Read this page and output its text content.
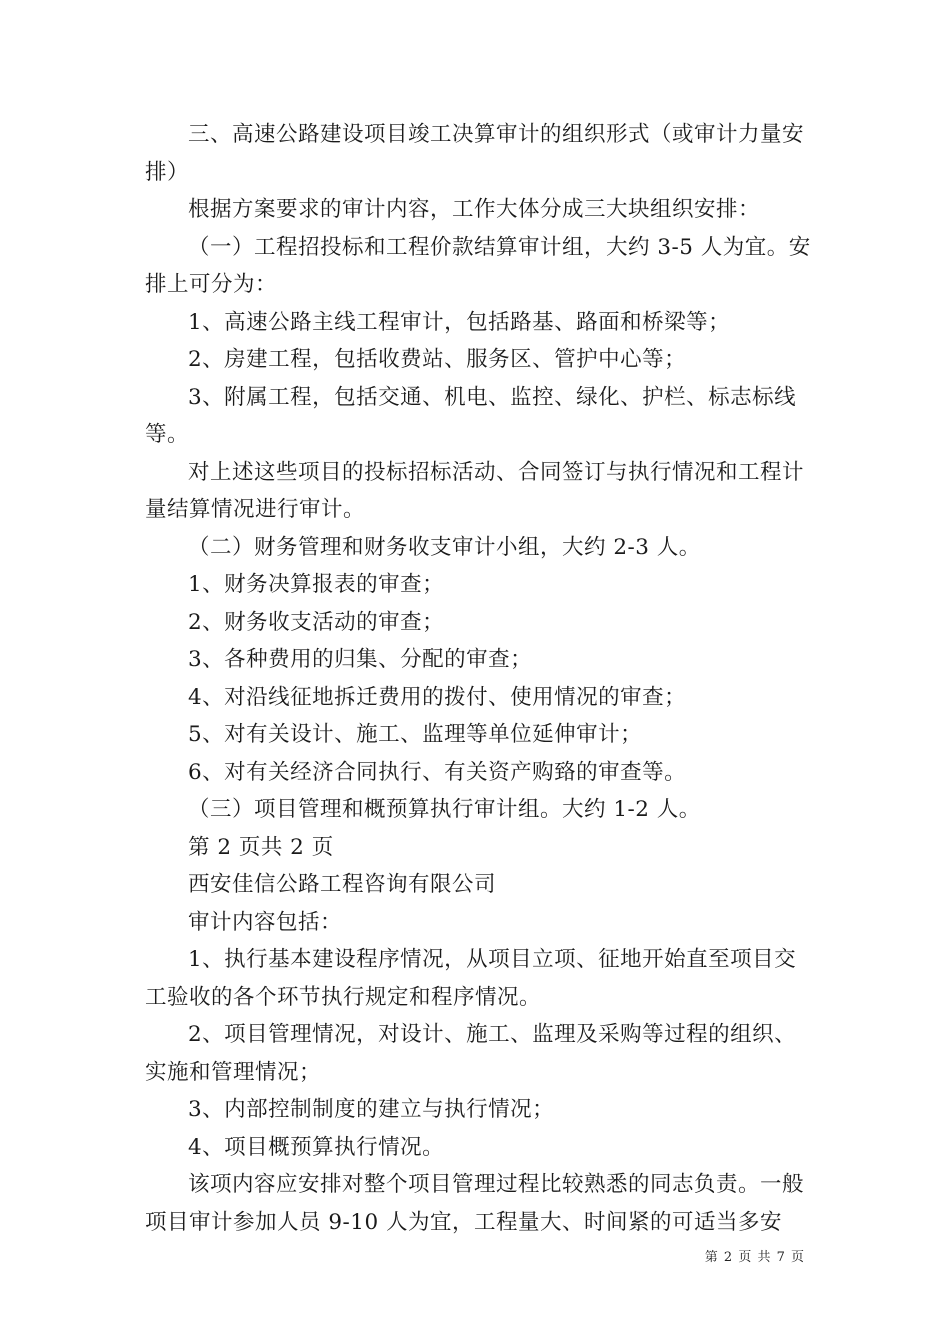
三、高速公路建设项目竣工决算审计的组织形式（或审计力量安排）

根据方案要求的审计内容，工作大体分成三大块组织安排：

（一）工程招投标和工程价款结算审计组，大约 3-5 人为宜。安排上可分为：

1、高速公路主线工程审计，包括路基、路面和桥梁等；

2、房建工程，包括收费站、服务区、管护中心等；

3、附属工程，包括交通、机电、监控、绿化、护栏、标志标线等。

对上述这些项目的投标招标活动、合同签订与执行情况和工程计量结算情况进行审计。

（二）财务管理和财务收支审计小组，大约 2-3 人。

1、财务决算报表的审查；

2、财务收支活动的审查；

3、各种费用的归集、分配的审查；

4、对沿线征地拆迁费用的拨付、使用情况的审查；

5、对有关设计、施工、监理等单位延伸审计；

6、对有关经济合同执行、有关资产购臵的审查等。

（三）项目管理和概预算执行审计组。大约 1-2 人。

第 2 页共 2 页

西安佳信公路工程咨询有限公司

审计内容包括：

1、执行基本建设程序情况，从项目立项、征地开始直至项目交工验收的各个环节执行规定和程序情况。

2、项目管理情况，对设计、施工、监理及采购等过程的组织、实施和管理情况；

3、内部控制制度的建立与执行情况；

4、项目概预算执行情况。

该项内容应安排对整个项目管理过程比较熟悉的同志负责。一般项目审计参加人员 9-10 人为宜，工程量大、时间紧的可适当多安

第 2 页 共 7 页
